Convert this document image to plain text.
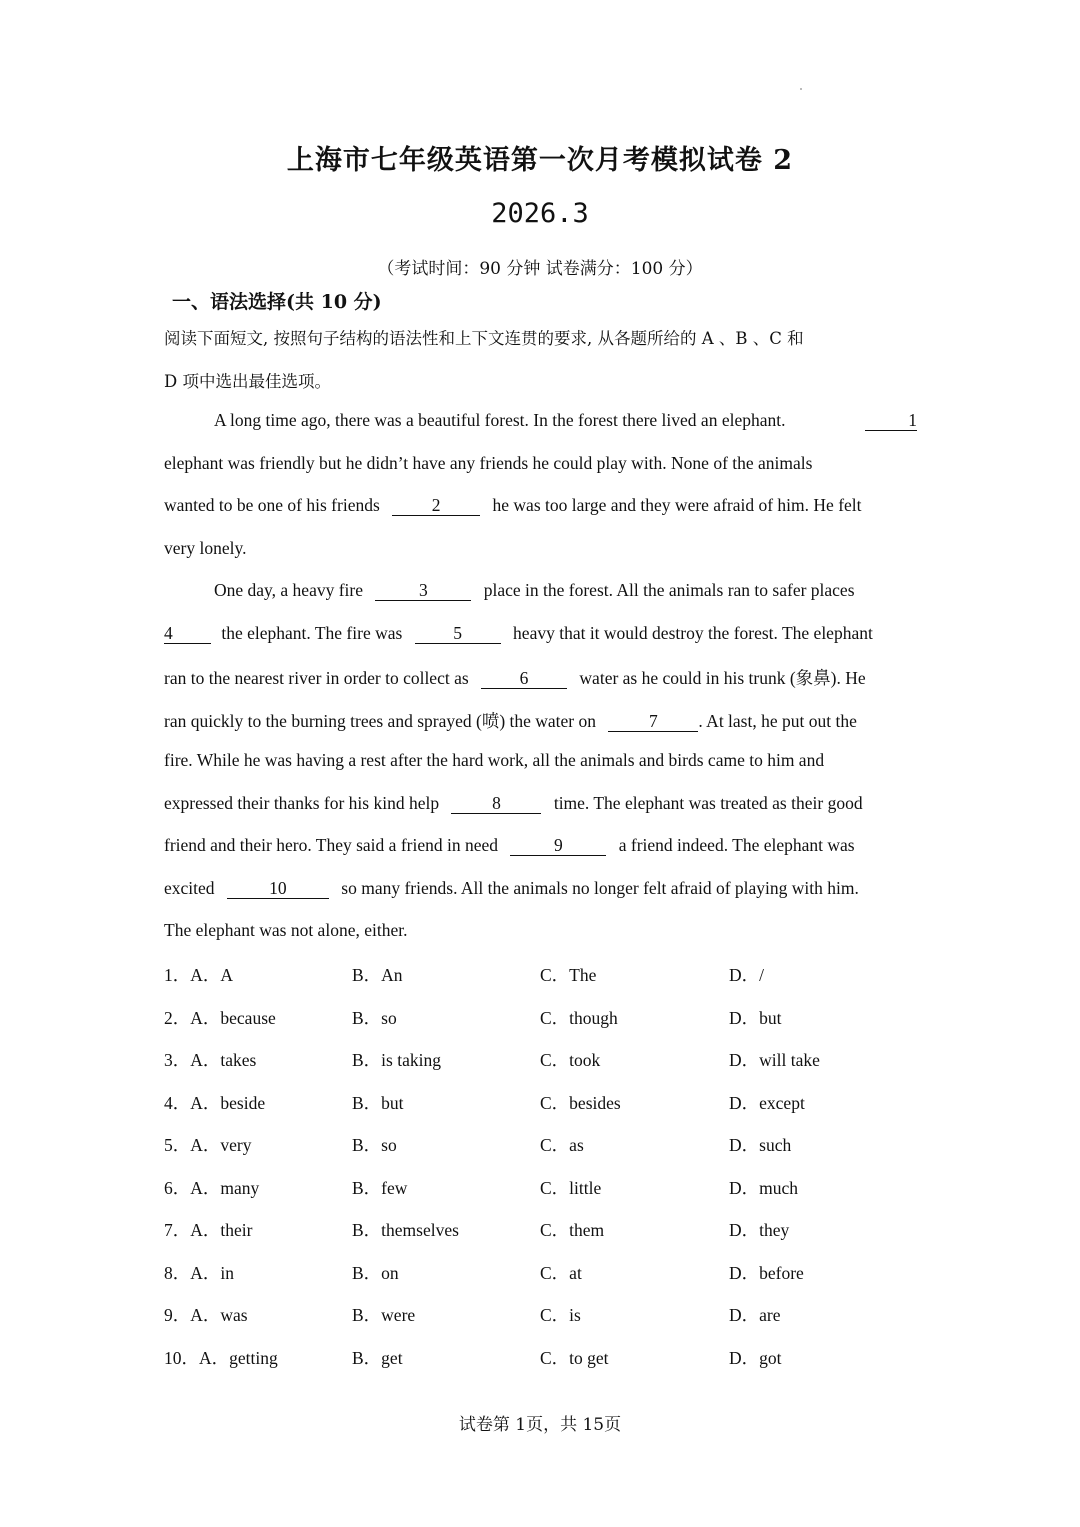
上海市七年级英语第一次月考模拟试卷 2
2026.3
（考试时间：90 分钟 试卷满分：100 分）
一、语法选择(共 10 分)
阅读下面短文, 按照句子结构的语法性和上下文连贯的要求, 从各题所给的 A 、B 、C 和
D 项中选出最佳选项。
A long time ago, there was a beautiful forest. In the forest there lived an elephant.	1
elephant was friendly but he didn’t have any friends he could play with. None of the animals
wanted to be one of his friends	2	he was too large and they were afraid of him. He felt
very lonely.
One day, a heavy fire	3	place in the forest. All the animals ran to safer places
4	the elephant. The fire was	5	heavy that it would destroy the forest. The elephant
ran to the nearest river in order to collect as	6	water as he could in his trunk (象鼻). He
ran quickly to the burning trees and sprayed (喷) the water on	7 . At last, he put out the
fire. While he was having a rest after the hard work, all the animals and birds came to him and
expressed their thanks for his kind help	8	time. The elephant was treated as their good
friend and their hero. They said a friend in need	9	a friend indeed. The elephant was
excited	10	so many friends. All the animals no longer felt afraid of playing with him.
The elephant was not alone, either.
1．A．A	B．An	C．The	D．/
2．A．because	B．so	C．though	D．but
3．A．takes	B．is taking	C．took	D．will take
4．A．beside	B．but	C．besides	D．except
5．A．very	B．so	C．as	D．such
6．A．many	B．few	C．little	D．much
7．A．their	B．themselves	C．them	D．they
8．A．in	B．on	C．at	D．before
9．A．was	B．were	C．is	D．are
10．A．getting	B．get	C．to get	D．got
试卷第 1页，共 15页
